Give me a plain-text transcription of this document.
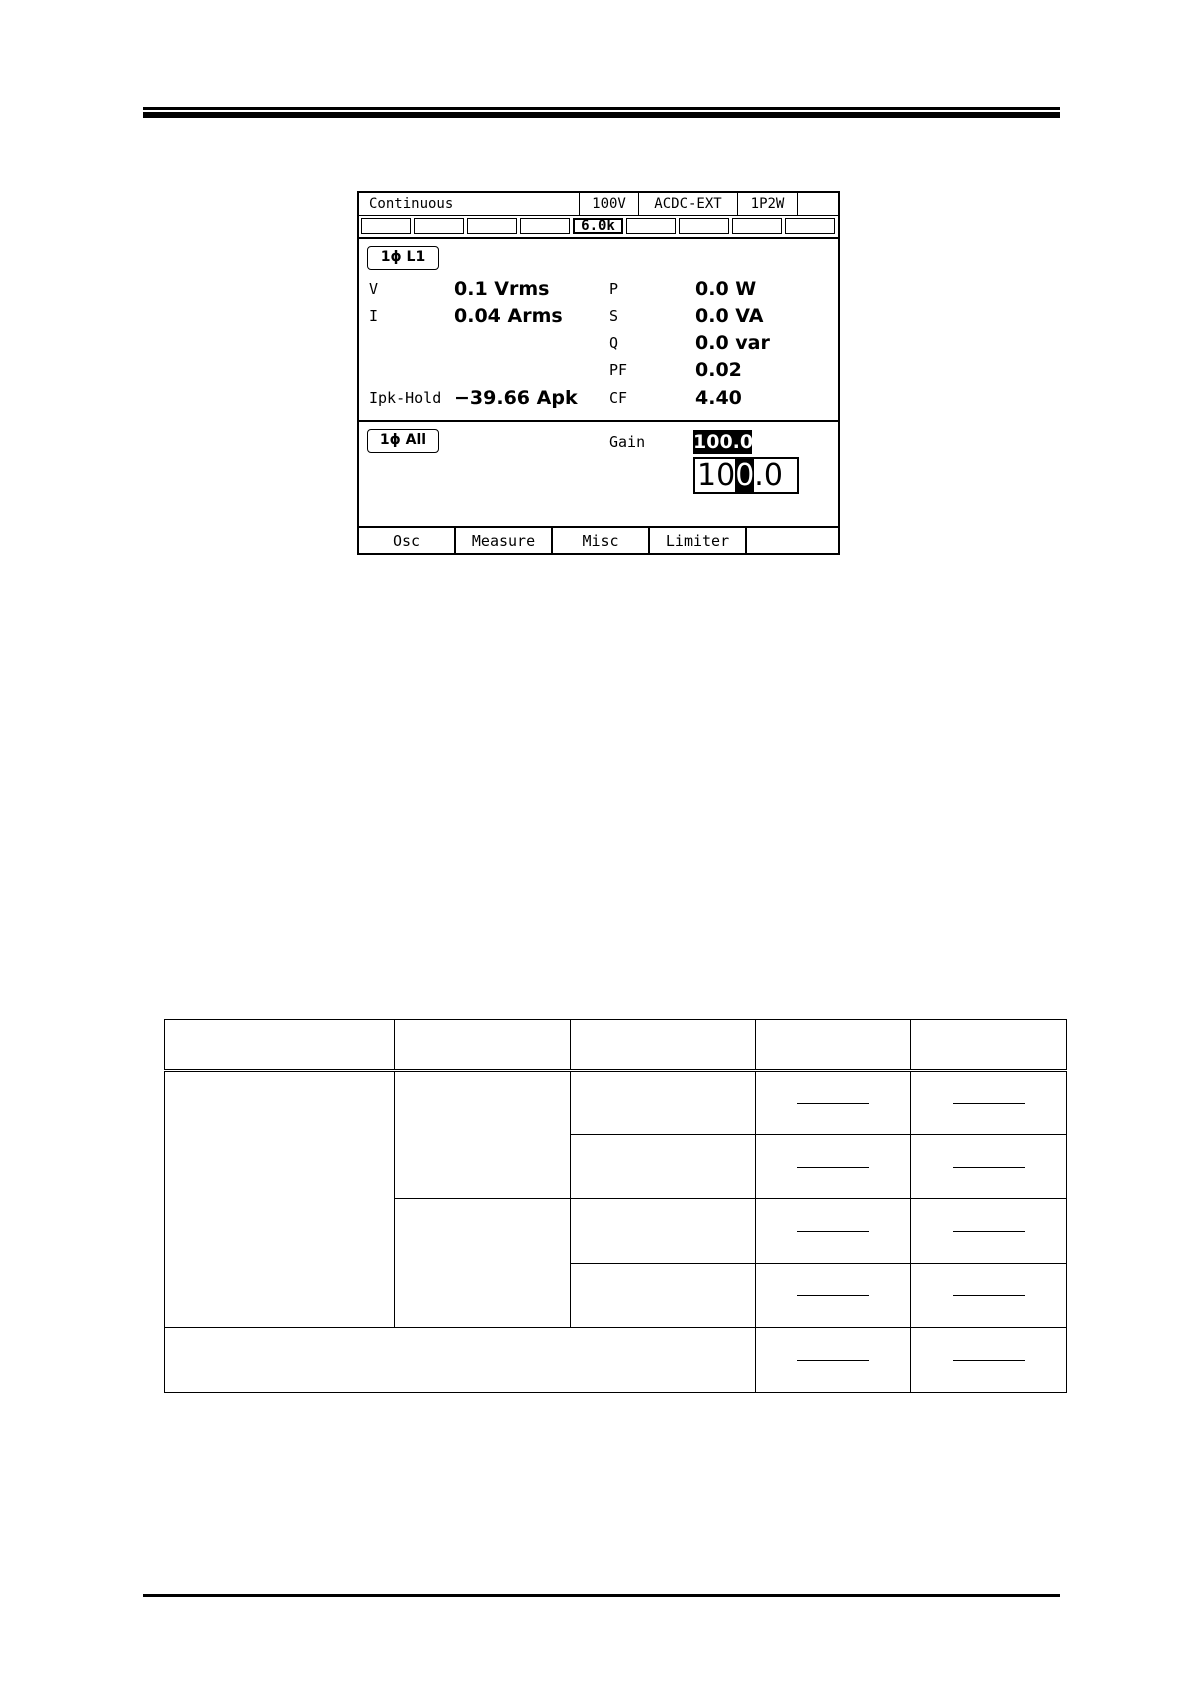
Continuous	100V	ACDC-EXT	1P2W
6.0k
1ϕ L1
V	0.1 Vrms
I	0.04 Arms
Ipk-Hold −39.66 Apk
P	0.0 W
S	0.0 VA
Q	0.0 var
PF	0.02
CF	4.40
1ϕ All	Gain	100.0
100.0
Osc	Measure	Misc	Limiter
